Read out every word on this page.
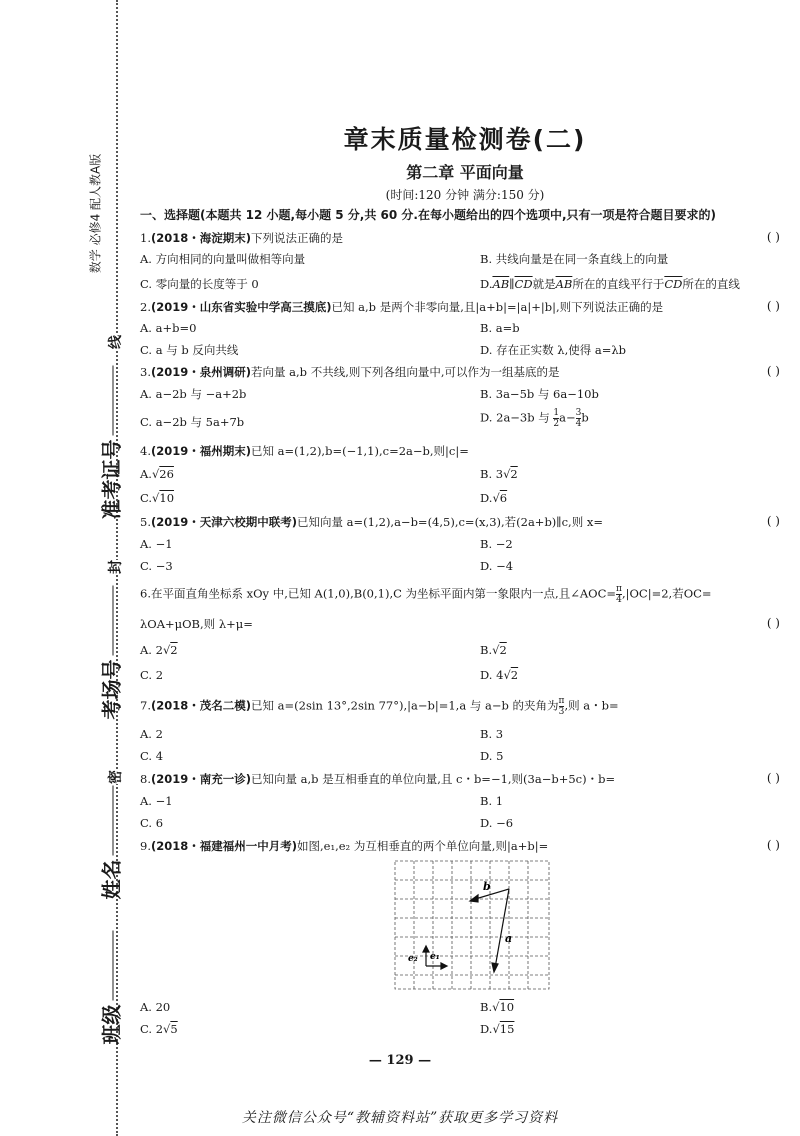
数学 必修4 配人教A版
准考证号
考场号
姓名
班级
线
封
密
章末质量检测卷(二)
第二章 平面向量
(时间:120 分钟 满分:150 分)
一、选择题(本题共 12 小题,每小题 5 分,共 60 分.在每小题给出的四个选项中,只有一项是符合题目要求的)
1.(2018・海淀期末)下列说法正确的是	( )
A. 方向相同的向量叫做相等向量	B. 共线向量是在同一条直线上的向量
C. 零向量的长度等于 0	$D.\overline{AB}\parallel\overline{CD}$就是$\overline{AB}$所在的直线平行于$\overline{CD}$所在的直线
2.(2019・山东省实验中学高三摸底)已知 a,b 是两个非零向量,且|a+b|=|a|+|b|,则下列说法正确的是	( )
A. a+b=0	B. a=b
C. a 与 b 反向共线	D. 存在正实数 λ,使得 a=λb
3.(2019・泉州调研)若向量 a,b 不共线,则下列各组向量中,可以作为一组基底的是	( )
A. a−2b 与 −a+2b	B. 3a−5b 与 6a−10b
C. a−2b 与 5a+7b	D. 2a−3b 与 $\frac{1}{2} a- \frac{3}{4}$ b
4.(2019・福州期末)已知 a=(1,2),b=(−1,1),c=2a−b,则|c|=
A.√26	B. 3√2
C.√10	D.√6
5.(2019・天津六校期中联考)已知向量 a=(1,2),a−b=(4,5),c=(x,3),若(2a+b)∥c,则 x=	( )
A. −1	B. −2
C. −3	D. −4
6.在平面直角坐标系 xOy 中,已知 A(1,0),B(0,1),C 为坐标平面内第一象限内一点,且∠AOC= $\frac{\pi}{4} ,|OC|=2$,若OC=
λOA+μOB,则 λ+μ=	( )
A. 2√2	B.√2
C. 2	D. 4√2
7.(2018・茂名二模)已知 a=(2sin 13°,2sin 77°),|a−b|=1,a 与 a−b 的夹角为 $\frac{\pi}{3}$ ,则 a・b=
A. 2	B. 3
C. 4	D. 5
8.(2019・南充一诊)已知向量 a,b 是互相垂直的单位向量,且 c・b=−1,则(3a−b+5c)・b=	( )
A. −1	B. 1
C. 6	D. −6
9.(2018・福建福州一中月考)如图,e₁,e₂ 为互相垂直的两个单位向量,则|a+b|=	( )
A. 20	B.√10
C. 2√5	D.√15
b
a
e₁
e₂
— 129 —
关注微信公众号“教辅资料站”获取更多学习资料
